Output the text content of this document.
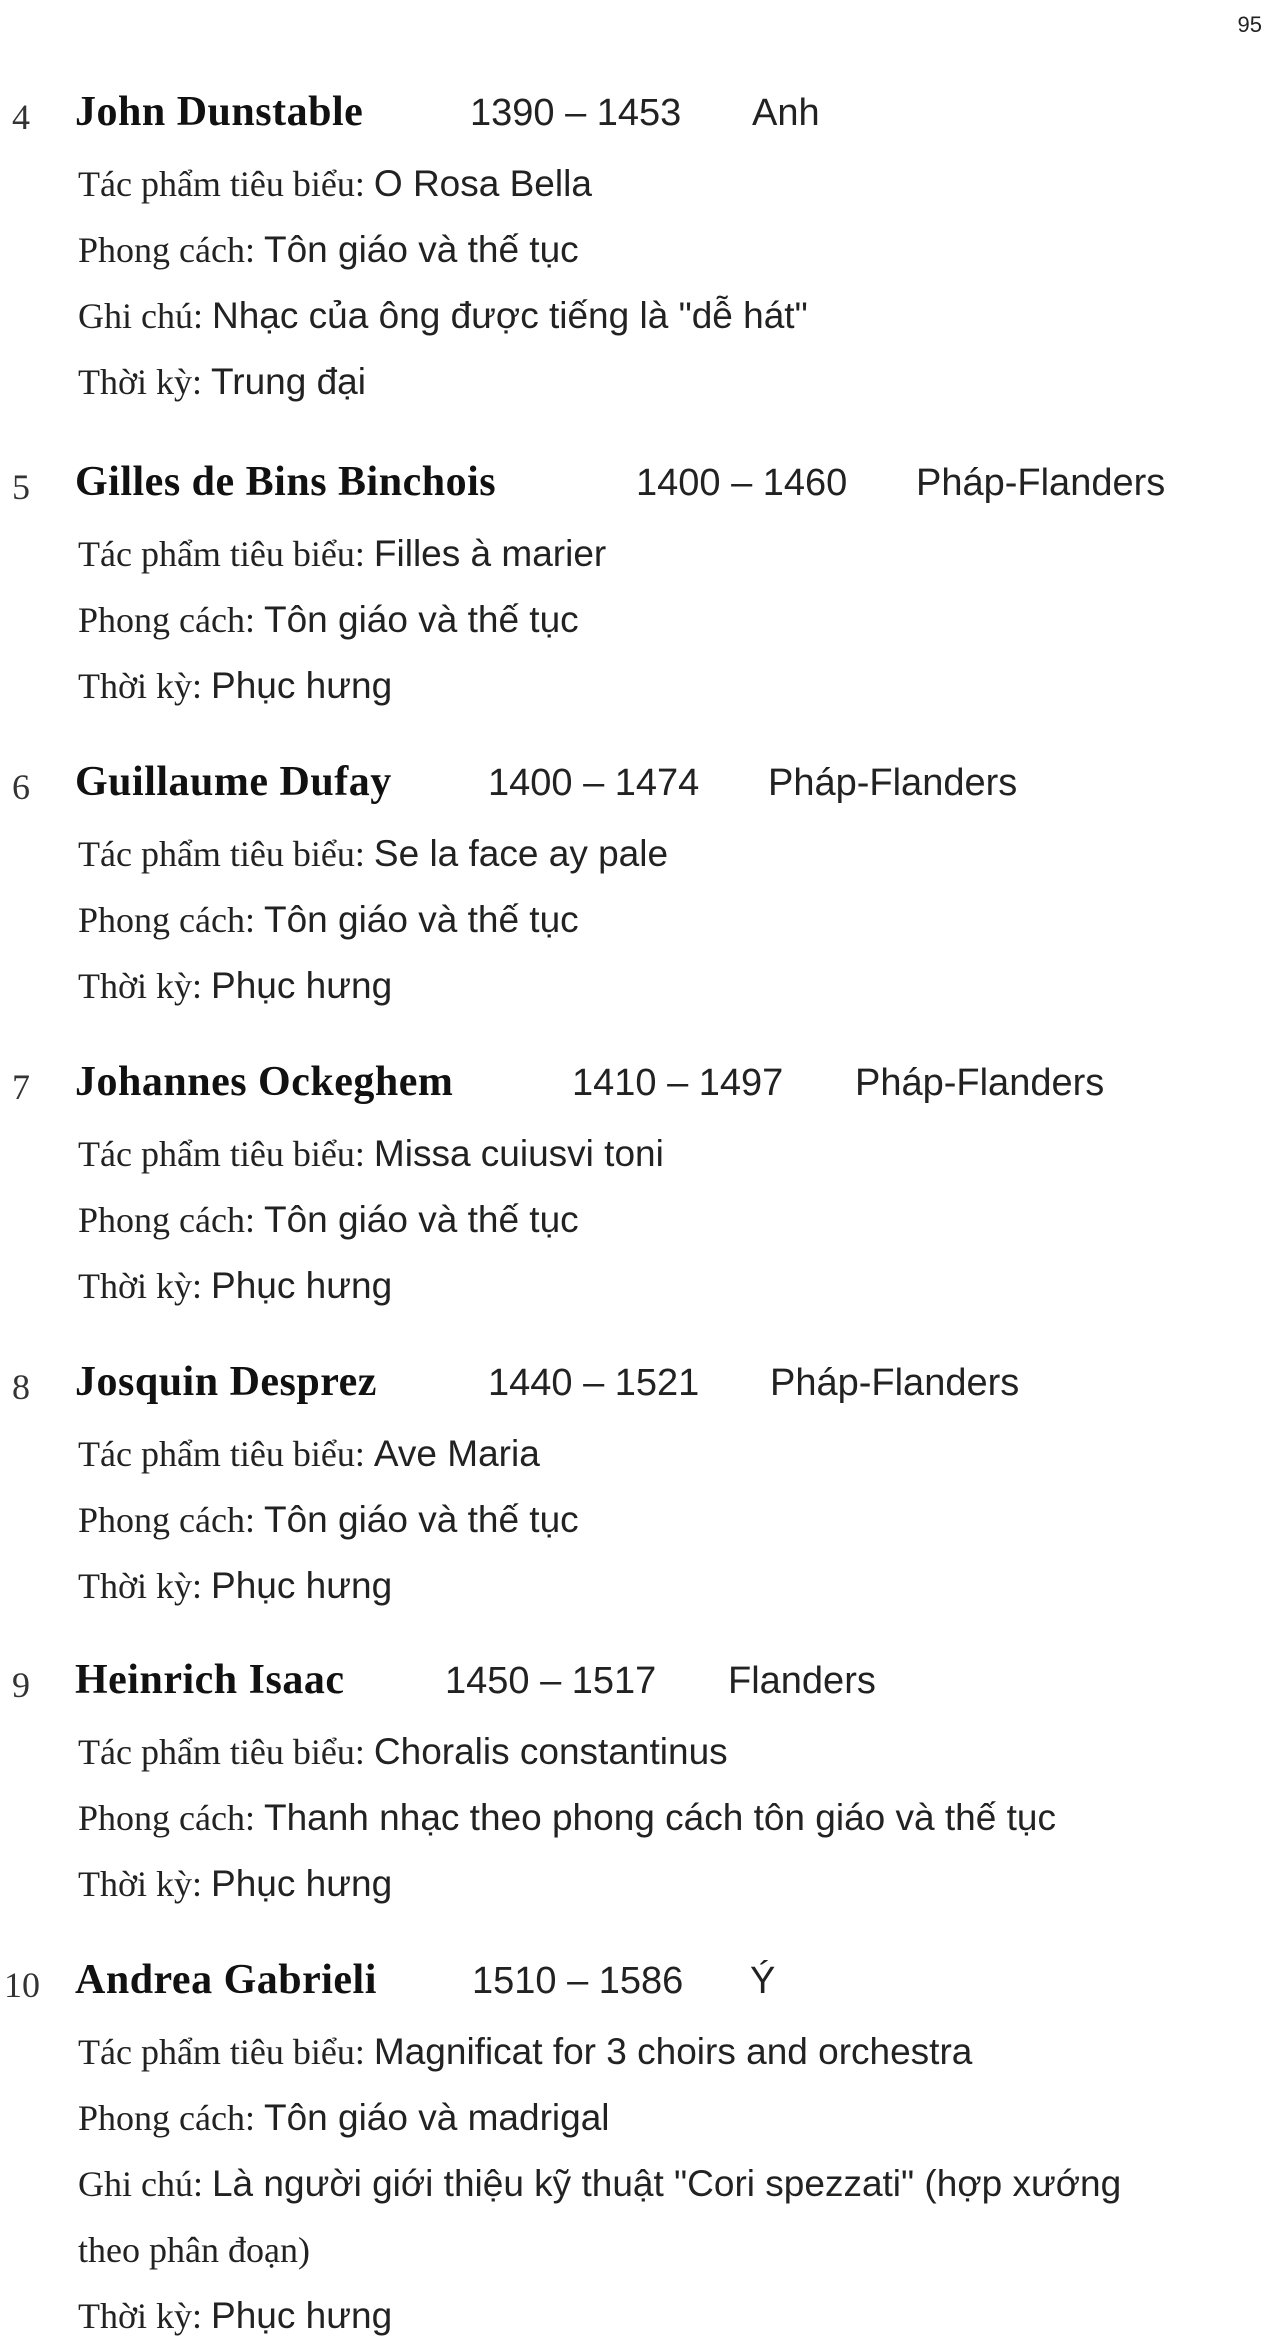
95
4 John Dunstable	1390 – 1453 Anh
Tác phẩm tiêu biểu: O Rosa Bella
Phong cách: Tôn giáo và thế tục
Ghi chú: Nhạc của ông được tiếng là "dễ hát"
Thời kỳ: Trung đại
5 Gilles de Bins Binchois	1400 – 1460 Pháp-Flanders
Tác phẩm tiêu biểu: Filles à marier
Phong cách: Tôn giáo và thế tục
Thời kỳ: Phục hưng
6 Guillaume Dufay	1400 – 1474 Pháp-Flanders
Tác phẩm tiêu biểu: Se la face ay pale
Phong cách: Tôn giáo và thế tục
Thời kỳ: Phục hưng
7 Johannes Ockeghem	1410 – 1497 Pháp-Flanders
Tác phẩm tiêu biểu: Missa cuiusvi toni
Phong cách: Tôn giáo và thế tục
Thời kỳ: Phục hưng
8 Josquin Desprez	1440 – 1521 Pháp-Flanders
Tác phẩm tiêu biểu: Ave Maria
Phong cách: Tôn giáo và thế tục
Thời kỳ: Phục hưng
9 Heinrich Isaac	1450 – 1517 Flanders
Tác phẩm tiêu biểu: Choralis constantinus
Phong cách: Thanh nhạc theo phong cách tôn giáo và thế tục
Thời kỳ: Phục hưng
10 Andrea Gabrieli	1510 – 1586 Ý
Tác phẩm tiêu biểu: Magnificat for 3 choirs and orchestra
Phong cách: Tôn giáo và madrigal
Ghi chú: Là người giới thiệu kỹ thuật "Cori spezzati" (hợp xướng
theo phân đoạn)
Thời kỳ: Phục hưng
